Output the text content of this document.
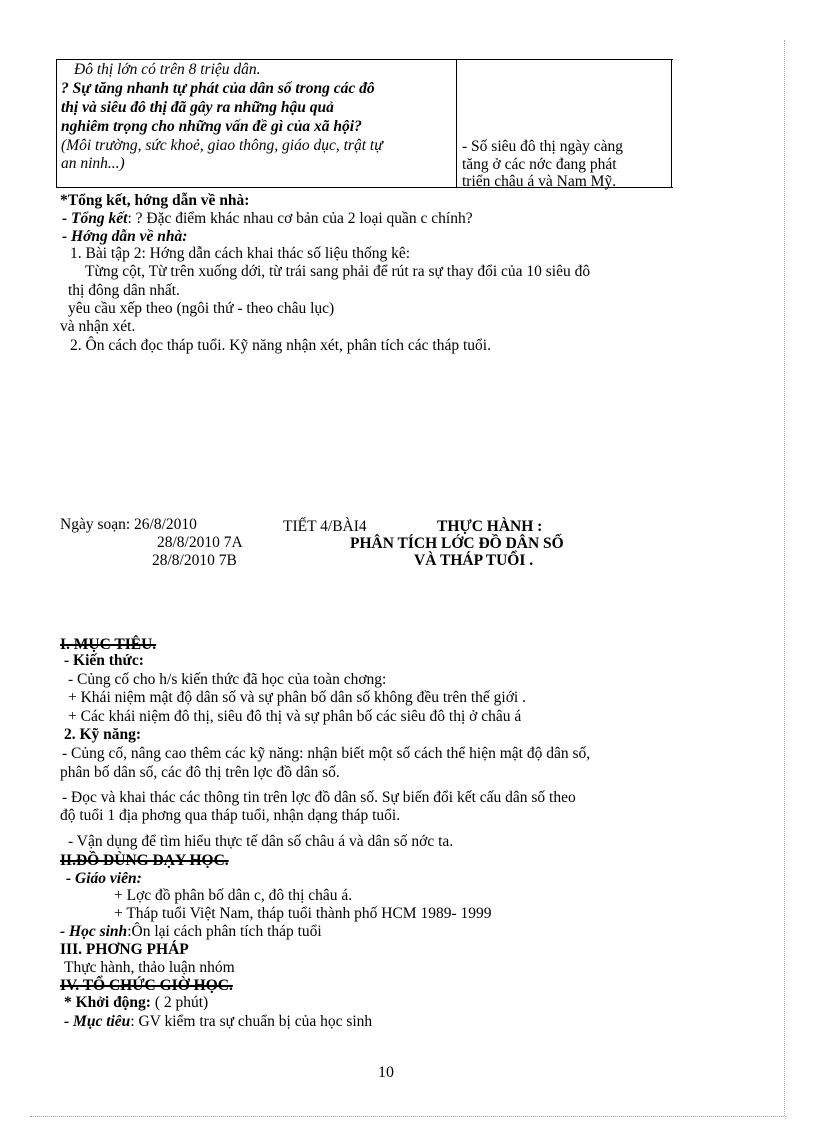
Đô thị lớn có trên 8 triệu dân.
? Sự tăng nhanh tự phát của dân số trong các đô
thị và siêu đô thị đã gây ra những hậu quả
nghiêm trọng cho những vấn đề gì của xã hội?
(Môi trường, sức khoẻ, giao thông, giáo dục, trật tự
an ninh...)
- Số siêu đô thị ngày càng
tăng ở các nớc đang phát
triển châu á và Nam Mỹ.
*Tổng kết, hớng dẫn về nhà:
- Tổng kết: ? Đặc điểm khác nhau cơ bản của 2 loại quần c chính?
- Hớng dẫn về nhà:
1. Bài tập 2: Hớng dẫn cách khai thác số liệu thống kê:
Từng cột, Từ trên xuống dới, từ trái sang phải để rút ra sự thay đổi của 10 siêu đô
thị đông dân nhất.
yêu cầu xếp theo (ngôi thứ - theo châu lục)
và nhận xét.
2. Ôn cách đọc tháp tuổi. Kỹ năng nhận xét, phân tích các tháp tuổi.
Ngày soạn: 26/8/2010
28/8/2010 7A
28/8/2010 7B
TIẾT 4/BÀI4	THỰC HÀNH :
PHÂN TÍCH LỚC ĐỒ DÂN SỐ
VÀ THÁP TUỔI .
I. MỤC TIÊU.
- Kiến thức:
- Củng cố cho h/s kiến thức đã học của toàn chơng:
+ Khái niệm mật độ dân số và sự phân bố dân số không đều trên thế giới .
+ Các khái niệm đô thị, siêu đô thị và sự phân bố các siêu đô thị ở châu á
2. Kỹ năng:
- Củng cố, nâng cao thêm các kỹ năng: nhận biết một số cách thể hiện mật độ dân số,
phân bố dân số, các đô thị trên lợc đồ dân số.
- Đọc và khai thác các thông tin trên lợc đồ dân số. Sự biến đổi kết cấu dân số theo
độ tuổi 1 địa phơng qua tháp tuổi, nhận dạng tháp tuổi.
- Vận dụng để tìm hiểu thực tế dân số châu á và dân số nớc ta.
II.ĐỒ DÙNG DẠY HỌC.
- Giáo viên:
+ Lợc đồ phân bố dân c, đô thị châu á.
+ Tháp tuổi Việt Nam, tháp tuổi thành phố HCM 1989- 1999
- Học sinh:Ôn lại cách phân tích tháp tuổi
III. PHƠNG PHÁP
Thực hành, thảo luận nhóm
IV. TỔ CHỨC GIỜ HỌC.
* Khởi động: ( 2 phút)
- Mục tiêu: GV kiểm tra sự chuẩn bị của học sinh
10
